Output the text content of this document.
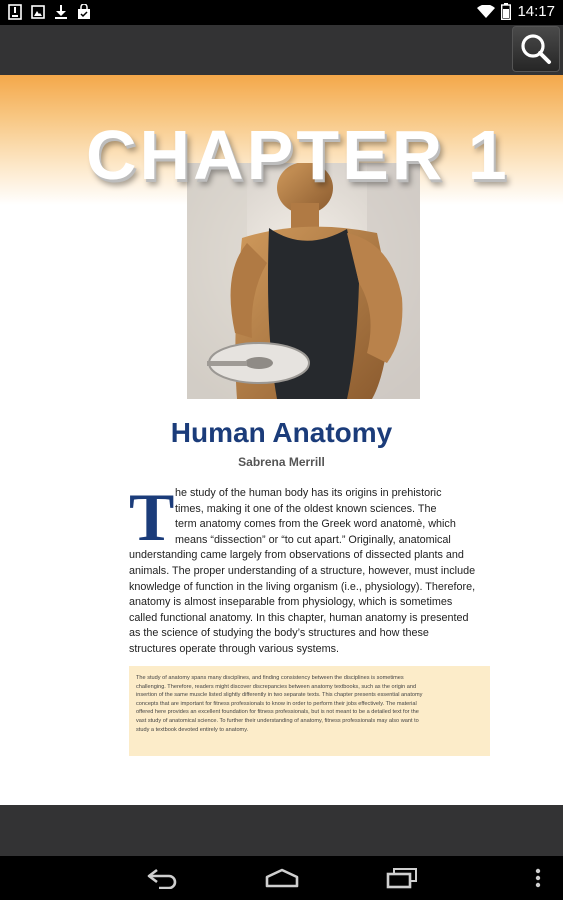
14:17
CHAPTER 1
Human Anatomy
Sabrena Merrill
T he study of the human body has its origins in prehistoric
times, making it one of the oldest known sciences. The
term anatomy comes from the Greek word anatomè, which
means “dissection” or “to cut apart.” Originally, anatomical
understanding came largely from observations of dissected plants and
animals. The proper understanding of a structure, however, must include
knowledge of function in the living organism (i.e., physiology). Therefore,
anatomy is almost inseparable from physiology, which is sometimes
called functional anatomy. In this chapter, human anatomy is presented
as the science of studying the body’s structures and how these
structures operate through various systems.
The study of anatomy spans many disciplines, and finding consistency between the disciplines is sometimes
challenging. Therefore, readers might discover discrepancies between anatomy textbooks, such as the origin and
insertion of the same muscle listed slightly differently in two separate texts. This chapter presents essential anatomy
concepts that are important for fitness professionals to know in order to perform their jobs effectively. The material
offered here provides an excellent foundation for fitness professionals, but is not meant to be a detailed text for the
vast study of anatomical science. To further their understanding of anatomy, fitness professionals may also want to
study a textbook devoted entirely to anatomy.
